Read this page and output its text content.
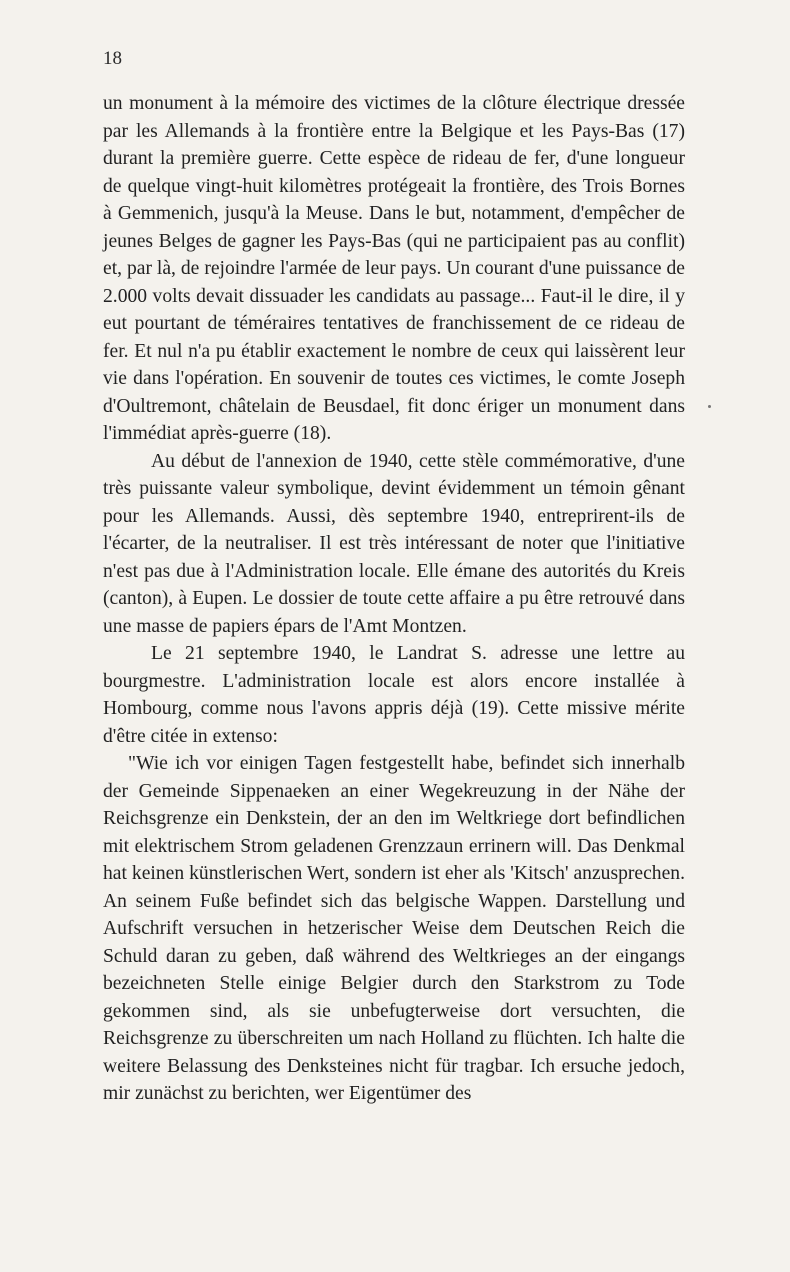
18

un monument à la mémoire des victimes de la clôture électrique dressée par les Allemands à la frontière entre la Belgique et les Pays-Bas (17) durant la première guerre. Cette espèce de rideau de fer, d'une longueur de quelque vingt-huit kilomètres protégeait la frontière, des Trois Bornes à Gemmenich, jusqu'à la Meuse. Dans le but, notamment, d'empêcher de jeunes Belges de gagner les Pays-Bas (qui ne participaient pas au conflit) et, par là, de rejoindre l'armée de leur pays. Un courant d'une puissance de 2.000 volts devait dissuader les candidats au passage... Faut-il le dire, il y eut pourtant de téméraires tentatives de franchissement de ce rideau de fer. Et nul n'a pu établir exactement le nombre de ceux qui laissèrent leur vie dans l'opération. En souvenir de toutes ces victimes, le comte Joseph d'Oultremont, châtelain de Beusdael, fit donc ériger un monument dans l'immédiat après-guerre (18).

Au début de l'annexion de 1940, cette stèle commémorative, d'une très puissante valeur symbolique, devint évidemment un témoin gênant pour les Allemands. Aussi, dès septembre 1940, entreprirent-ils de l'écarter, de la neutraliser. Il est très intéressant de noter que l'initiative n'est pas due à l'Administration locale. Elle émane des autorités du Kreis (canton), à Eupen. Le dossier de toute cette affaire a pu être retrouvé dans une masse de papiers épars de l'Amt Montzen.

Le 21 septembre 1940, le Landrat S. adresse une lettre au bourgmestre. L'administration locale est alors encore installée à Hombourg, comme nous l'avons appris déjà (19). Cette missive mérite d'être citée in extenso:

"Wie ich vor einigen Tagen festgestellt habe, befindet sich innerhalb der Gemeinde Sippenaeken an einer Wegekreuzung in der Nähe der Reichsgrenze ein Denkstein, der an den im Weltkriege dort befindlichen mit elektrischem Strom geladenen Grenzzaun errinern will. Das Denkmal hat keinen künstlerischen Wert, sondern ist eher als 'Kitsch' anzusprechen. An seinem Fuße befindet sich das belgische Wappen. Darstellung und Aufschrift versuchen in hetzerischer Weise dem Deutschen Reich die Schuld daran zu geben, daß während des Weltkrieges an der eingangs bezeichneten Stelle einige Belgier durch den Starkstrom zu Tode gekommen sind, als sie unbefugterweise dort versuchten, die Reichsgrenze zu überschreiten um nach Holland zu flüchten. Ich halte die weitere Belassung des Denksteines nicht für tragbar. Ich ersuche jedoch, mir zunächst zu berichten, wer Eigentümer des
